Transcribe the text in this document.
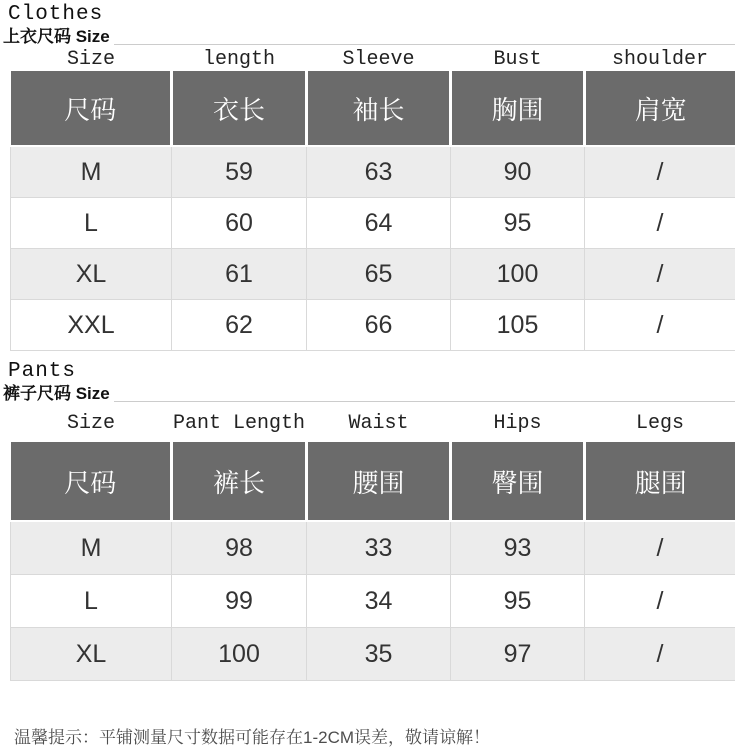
Clothes
上衣尺码 Size
Size	length	Sleeve	Bust	shoulder
尺码	衣长	袖长	胸围	肩宽
M	59	63	90	/
L	60	64	95	/
XL	61	65	100	/
XXL	62	66	105	/
Pants
裤子尺码 Size
Size	Pant Length	Waist	Hips	Legs
尺码	裤长	腰围	臀围	腿围
M	98	33	93	/
L	99	34	95	/
XL	100	35	97	/
温馨提示：平铺测量尺寸数据可能存在1-2CM误差，敬请谅解！
